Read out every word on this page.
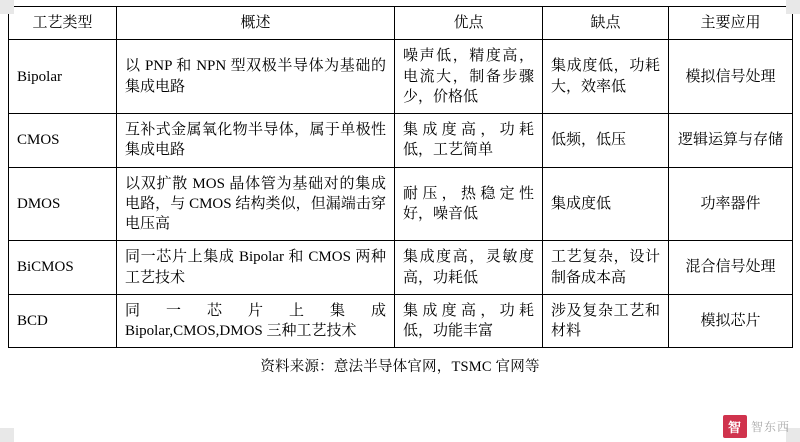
工艺类型	概述	优点	缺点	主要应用
Bipolar	以 PNP 和 NPN 型双极半导体为基础的集成电路	噪声低，精度高，电流大，制备步骤少，价格低	集成度低，功耗大，效率低	模拟信号处理
CMOS	互补式金属氧化物半导体，属于单极性集成电路	集成度高，功耗低，工艺简单	低频，低压	逻辑运算与存储
DMOS	以双扩散 MOS 晶体管为基础对的集成电路，与 CMOS 结构类似，但漏端击穿电压高	耐压，热稳定性好，噪音低	集成度低	功率器件
BiCMOS	同一芯片上集成 Bipolar 和 CMOS 两种工艺技术	集成度高，灵敏度高，功耗低	工艺复杂，设计制备成本高	混合信号处理
BCD	同 一 芯 片 上 集 成 Bipolar,CMOS,DMOS 三种工艺技术	集成度高，功耗低，功能丰富	涉及复杂工艺和材料	模拟芯片
资料来源：意法半导体官网，TSMC 官网等
智 智东西
